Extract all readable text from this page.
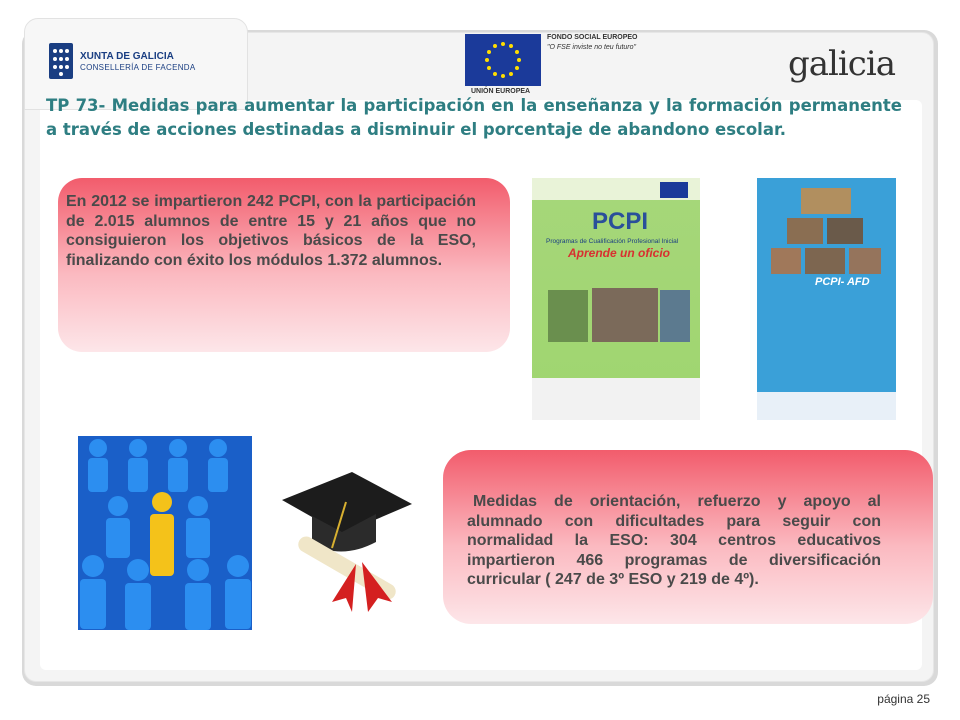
XUNTA DE GALICIA
CONSELLERÍA DE FACENDA
UNIÓN EUROPEA
FONDO SOCIAL EUROPEO
"O FSE inviste no teu futuro"	galicia
TP 73- Medidas para aumentar la participación en la enseñanza y la formación permanente a través de acciones destinadas a disminuir el porcentaje de abandono escolar.
En 2012 se impartieron 242 PCPI, con la participación de 2.015 alumnos de entre 15 y 21 años que no consiguieron los objetivos básicos de la ESO, finalizando con éxito los módulos 1.372 alumnos.
PCPI
Programas de Cualificación Profesional Inicial
Aprende un oficio
PCPI- AFD
Medidas de orientación, refuerzo y apoyo al alumnado con dificultades para seguir con normalidad la ESO: 304 centros educativos impartieron 466 programas de diversificación curricular ( 247 de 3º ESO y 219 de 4º).
página 25
